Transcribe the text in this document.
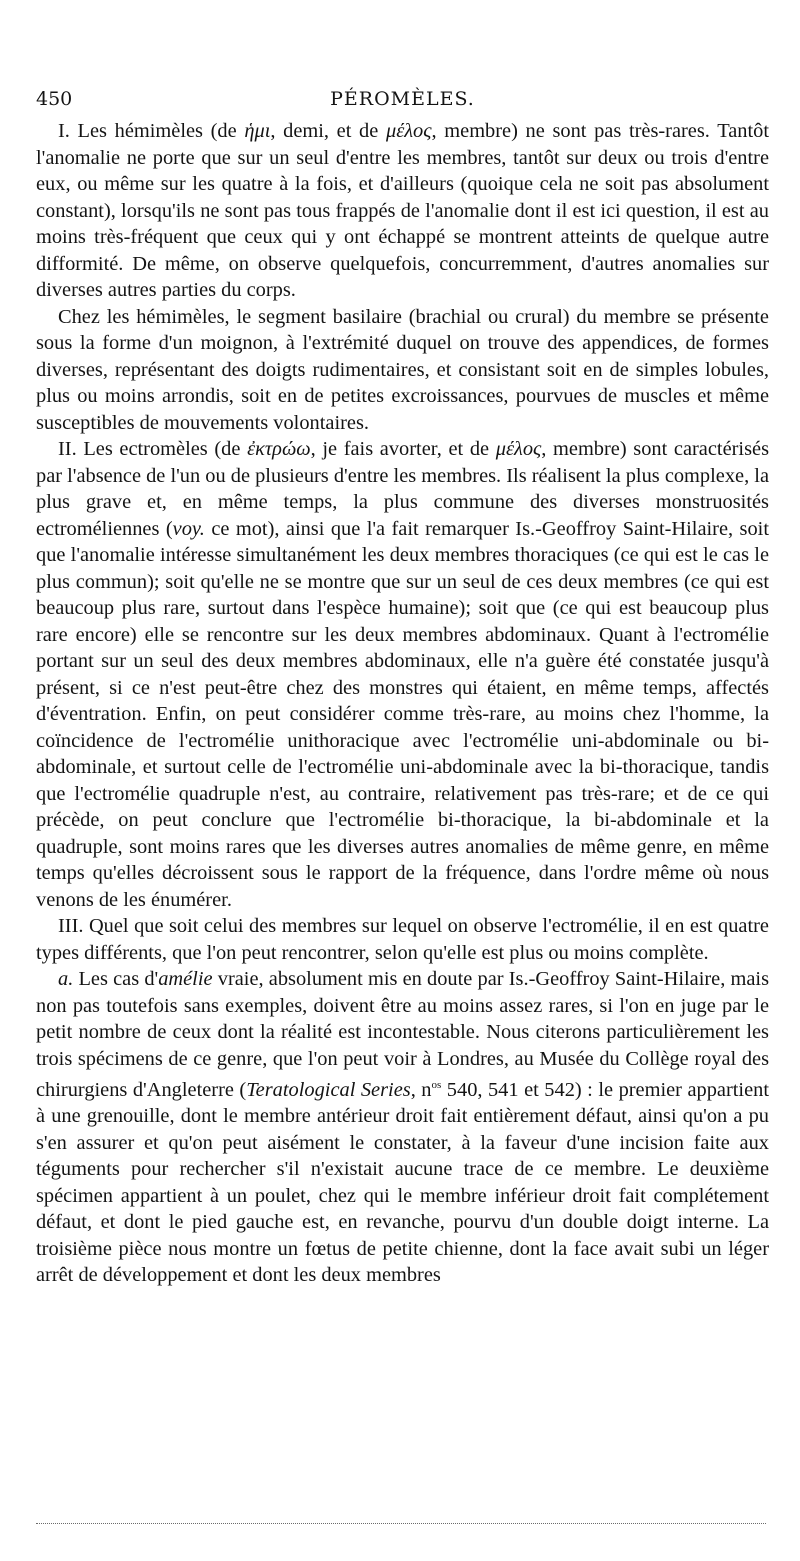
450	PÉROMÈLES.

I. Les hémimèles (de ἡμι, demi, et de μέλος, membre) ne sont pas très-rares. Tantôt l'anomalie ne porte que sur un seul d'entre les membres, tantôt sur deux ou trois d'entre eux, ou même sur les quatre à la fois, et d'ailleurs (quoique cela ne soit pas absolument constant), lorsqu'ils ne sont pas tous frappés de l'anomalie dont il est ici question, il est au moins très-fréquent que ceux qui y ont échappé se montrent atteints de quelque autre difformité. De même, on observe quelquefois, concurremment, d'autres anomalies sur diverses autres parties du corps.

Chez les hémimèles, le segment basilaire (brachial ou crural) du membre se présente sous la forme d'un moignon, à l'extrémité duquel on trouve des appendices, de formes diverses, représentant des doigts rudimentaires, et consistant soit en de simples lobules, plus ou moins arrondis, soit en de petites excroissances, pourvues de muscles et même susceptibles de mouvements volontaires.

II. Les ectromèles (de ἐκτρώω, je fais avorter, et de μέλος, membre) sont caractérisés par l'absence de l'un ou de plusieurs d'entre les membres. Ils réalisent la plus complexe, la plus grave et, en même temps, la plus commune des diverses monstruosités ectroméliennes (voy. ce mot), ainsi que l'a fait remarquer Is.-Geoffroy Saint-Hilaire, soit que l'anomalie intéresse simultanément les deux membres thoraciques (ce qui est le cas le plus commun); soit qu'elle ne se montre que sur un seul de ces deux membres (ce qui est beaucoup plus rare, surtout dans l'espèce humaine); soit que (ce qui est beaucoup plus rare encore) elle se rencontre sur les deux membres abdominaux. Quant à l'ectromélie portant sur un seul des deux membres abdominaux, elle n'a guère été constatée jusqu'à présent, si ce n'est peut-être chez des monstres qui étaient, en même temps, affectés d'éventration. Enfin, on peut considérer comme très-rare, au moins chez l'homme, la coïncidence de l'ectromélie unithoracique avec l'ectromélie uni-abdominale ou bi-abdominale, et surtout celle de l'ectromélie uni-abdominale avec la bi-thoracique, tandis que l'ectromélie quadruple n'est, au contraire, relativement pas très-rare; et de ce qui précède, on peut conclure que l'ectromélie bi-thoracique, la bi-abdominale et la quadruple, sont moins rares que les diverses autres anomalies de même genre, en même temps qu'elles décroissent sous le rapport de la fréquence, dans l'ordre même où nous venons de les énumérer.

III. Quel que soit celui des membres sur lequel on observe l'ectromélie, il en est quatre types différents, que l'on peut rencontrer, selon qu'elle est plus ou moins complète.

a. Les cas d'amélie vraie, absolument mis en doute par Is.-Geoffroy Saint-Hilaire, mais non pas toutefois sans exemples, doivent être au moins assez rares, si l'on en juge par le petit nombre de ceux dont la réalité est incontestable. Nous citerons particulièrement les trois spécimens de ce genre, que l'on peut voir à Londres, au Musée du Collège royal des chirurgiens d'Angleterre (Teratological Series, $n^{os}$ 540, 541 et 542) : le premier appartient à une grenouille, dont le membre antérieur droit fait entièrement défaut, ainsi qu'on a pu s'en assurer et qu'on peut aisément le constater, à la faveur d'une incision faite aux téguments pour rechercher s'il n'existait aucune trace de ce membre. Le deuxième spécimen appartient à un poulet, chez qui le membre inférieur droit fait complétement défaut, et dont le pied gauche est, en revanche, pourvu d'un double doigt interne. La troisième pièce nous montre un fœtus de petite chienne, dont la face avait subi un léger arrêt de développement et dont les deux membres
